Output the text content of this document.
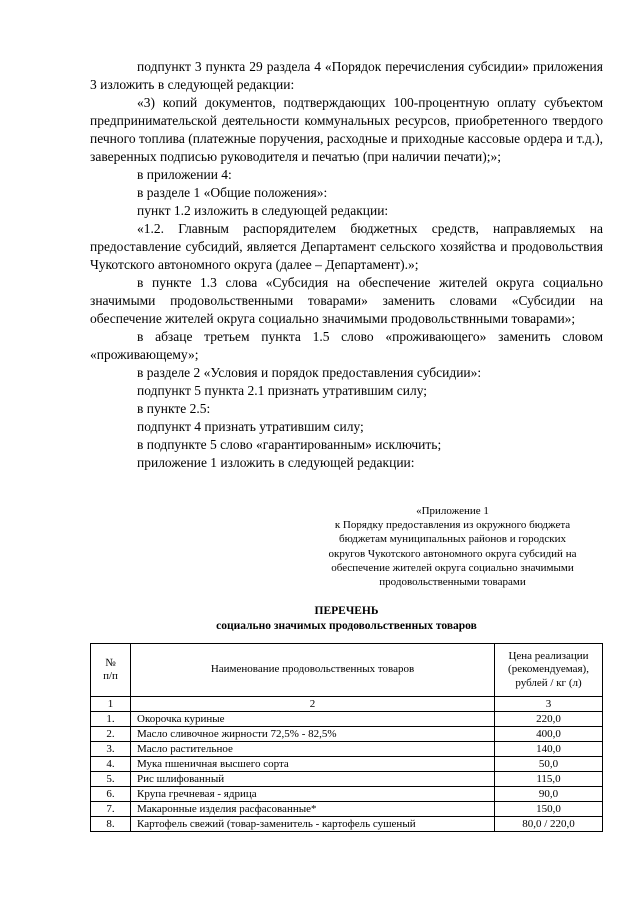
подпункт 3 пункта 29 раздела 4 «Порядок перечисления субсидии» приложения 3 изложить в следующей редакции:

«3) копий документов, подтверждающих 100-процентную оплату субъектом предпринимательской деятельности коммунальных ресурсов, приобретенного твердого печного топлива (платежные поручения, расходные и приходные кассовые ордера и т.д.), заверенных подписью руководителя и печатью (при наличии печати);»;

в приложении 4:

в разделе 1 «Общие положения»:

пункт 1.2 изложить в следующей редакции:

«1.2. Главным распорядителем бюджетных средств, направляемых на предоставление субсидий, является Департамент сельского хозяйства и продовольствия Чукотского автономного округа (далее – Департамент).»;

в пункте 1.3 слова «Субсидия на обеспечение жителей округа социально значимыми продовольственными товарами» заменить словами «Субсидии на обеспечение жителей округа социально значимыми продовольствнными товарами»;

в абзаце третьем пункта 1.5 слово «проживающего» заменить словом «проживающему»;

в разделе 2 «Условия и порядок предоставления субсидии»:

подпункт 5 пункта 2.1 признать утратившим силу;

в пункте 2.5:

подпункт 4 признать утратившим силу;

в подпункте 5 слово «гарантированным» исключить;

приложение 1 изложить в следующей редакции:

«Приложение 1
к Порядку предоставления из окружного бюджета
бюджетам муниципальных районов и городских
округов Чукотского автономного округа субсидий на
обеспечение жителей округа социально значимыми
продовольственными товарами
ПЕРЕЧЕНЬ
социально значимых продовольственных товаров
№
п/п	Наименование продовольственных товаров	Цена реализации
(рекомендуемая),
рублей / кг (л)
1	2	3
1.	Окорочка куриные	220,0
2.	Масло сливочное жирности 72,5% - 82,5%	400,0
3.	Масло растительное	140,0
4.	Мука пшеничная высшего сорта	50,0
5.	Рис шлифованный	115,0
6.	Крупа гречневая - ядрица	90,0
7.	Макаронные изделия расфасованные*	150,0
8.	Картофель свежий (товар-заменитель - картофель сушеный	80,0 / 220,0
